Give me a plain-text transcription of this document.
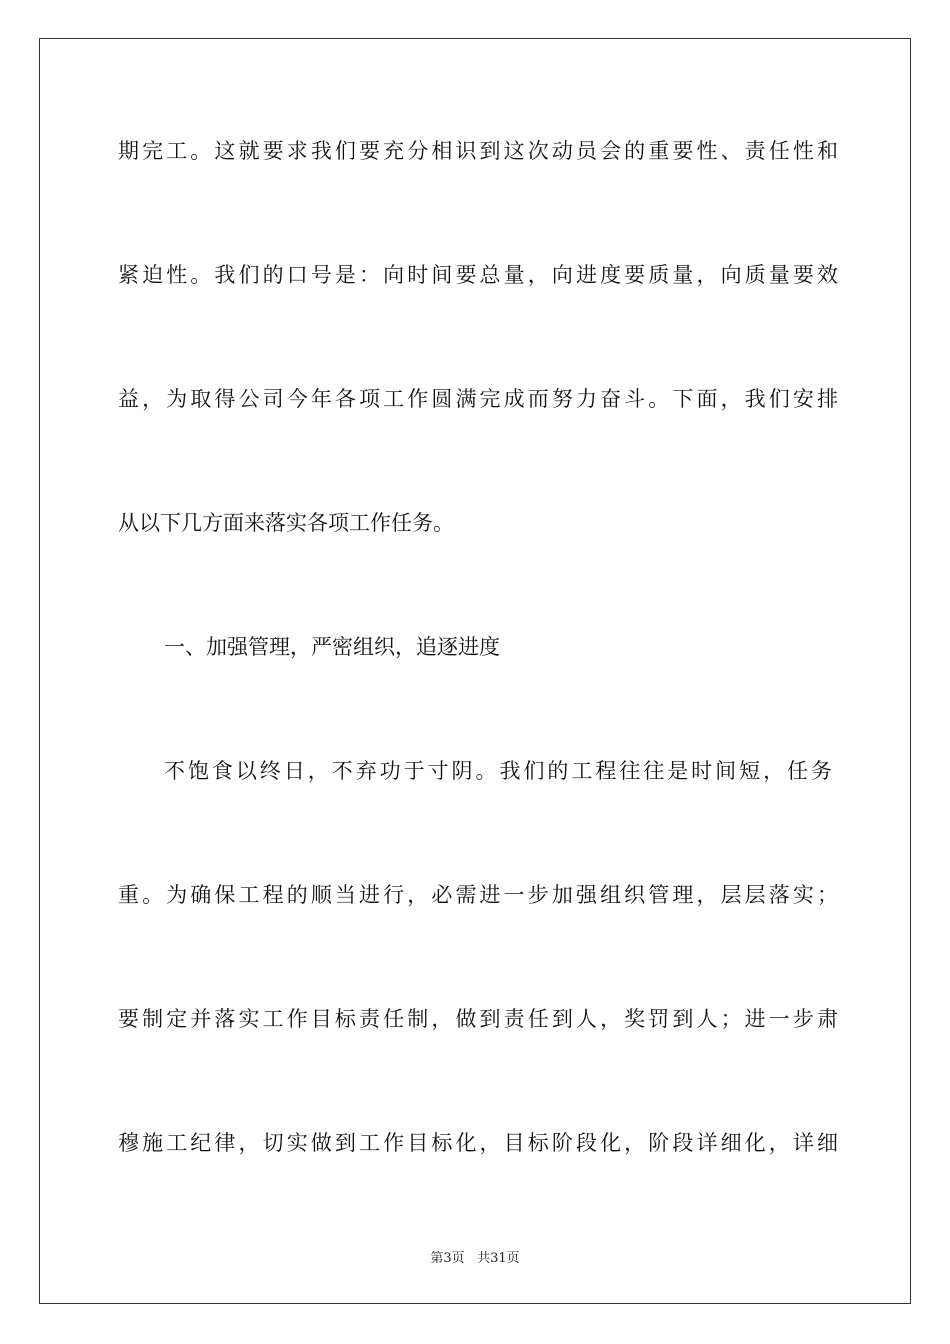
期完工。这就要求我们要充分相识到这次动员会的重要性、责任性和

紧迫性。我们的口号是：向时间要总量，向进度要质量，向质量要效

益，为取得公司今年各项工作圆满完成而努力奋斗。下面，我们安排

从以下几方面来落实各项工作任务。

一、加强管理，严密组织，追逐进度

不饱食以终日，不弃功于寸阴。我们的工程往往是时间短，任务

重。为确保工程的顺当进行，必需进一步加强组织管理，层层落实；

要制定并落实工作目标责任制，做到责任到人，奖罚到人；进一步肃

穆施工纪律，切实做到工作目标化，目标阶段化，阶段详细化，详细

第3页 共31页
